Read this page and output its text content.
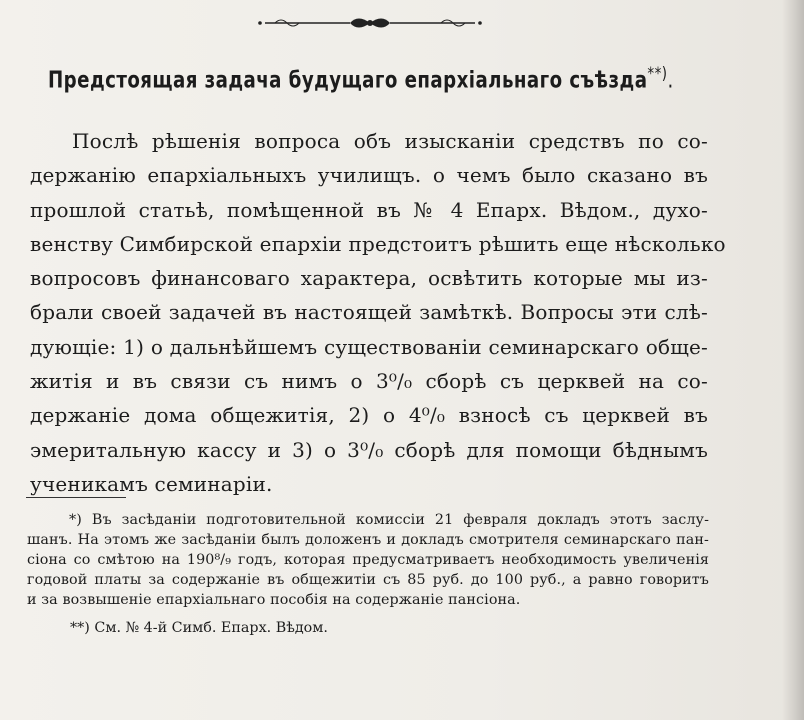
Предстоящая задача будущаго епархіальнаго съѣзда**).
Послѣ рѣшенія вопроса объ изысканіи средствъ по со-
держанію епархіальныхъ училищъ. о чемъ было сказано въ
прошлой статьѣ, помѣщенной въ № 4 Епарх. Вѣдом., духо-
венству Симбирской епархіи предстоитъ рѣшить еще нѣсколько
вопросовъ финансоваго характера, освѣтить которые мы из-
брали своей задачей въ настоящей замѣткѣ. Вопросы эти слѣ-
дующіе: 1) о дальнѣйшемъ существованіи семинарскаго обще-
житія и въ связи съ нимъ о 3⁰/₀ сборѣ съ церквей на со-
держаніе дома общежитія, 2) о 4⁰/₀ взносѣ съ церквей въ
эмеритальную кассу и 3) о 3⁰/₀ сборѣ для помощи бѣднымъ
ученикамъ семинаріи.
*) Въ засѣданіи подготовительной комиссіи 21 февраля докладъ этотъ заслу-
шанъ. На этомъ же засѣданіи былъ доложенъ и докладъ смотрителя семинарскаго пан-
сіона со смѣтою на 190⁸/₉ годъ, которая предусматриваетъ необходимость увеличенія
годовой платы за содержаніе въ общежитіи съ 85 руб. до 100 руб., а равно говоритъ
и за возвышеніе епархіальнаго пособія на содержаніе пансіона.
**) См. № 4-й Симб. Епарх. Вѣдом.
